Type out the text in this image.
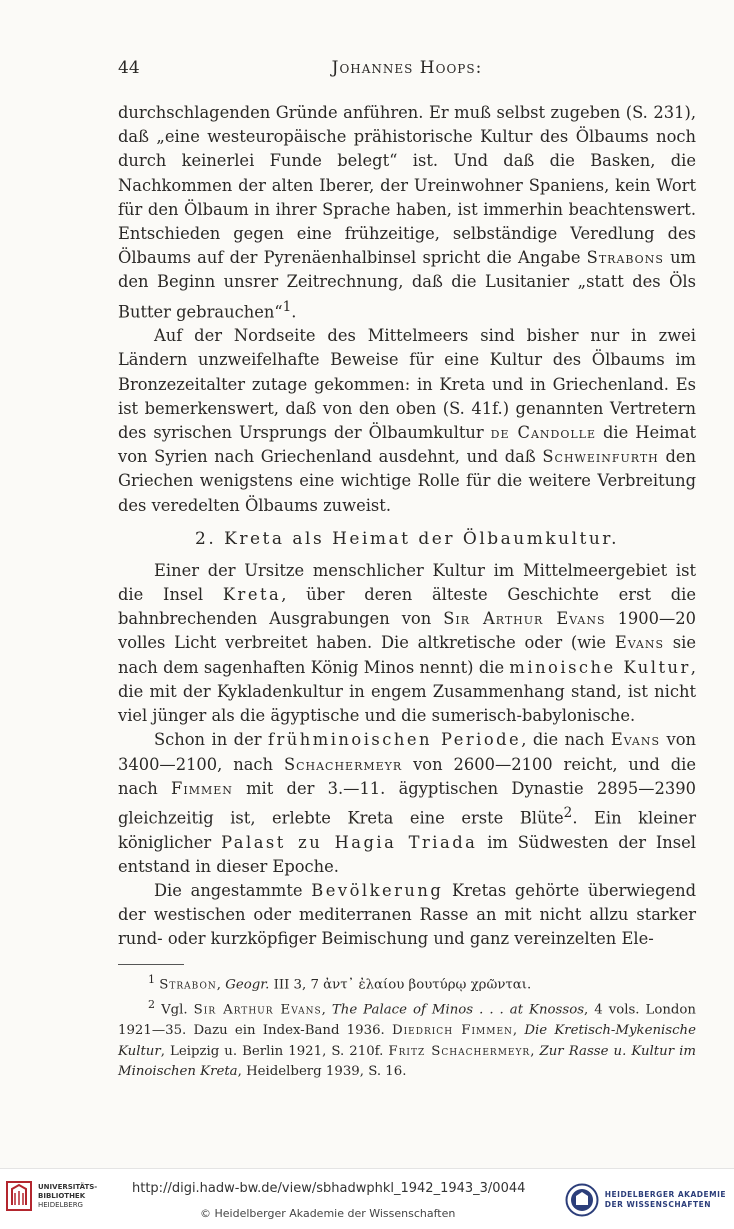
44	Johannes Hoops:

durchschlagenden Gründe anführen. Er muß selbst zugeben (S. 231), daß „eine westeuropäische prähistorische Kultur des Ölbaums noch durch keinerlei Funde belegt“ ist. Und daß die Basken, die Nachkommen der alten Iberer, der Ureinwohner Spaniens, kein Wort für den Ölbaum in ihrer Sprache haben, ist immerhin beachtenswert. Entschieden gegen eine frühzeitige, selbständige Veredlung des Ölbaums auf der Pyrenäenhalbinsel spricht die Angabe Strabons um den Beginn unsrer Zeitrechnung, daß die Lusitanier „statt des Öls Butter gebrauchen“$^1$.

Auf der Nordseite des Mittelmeers sind bisher nur in zwei Ländern unzweifelhafte Beweise für eine Kultur des Ölbaums im Bronzezeitalter zutage gekommen: in Kreta und in Griechenland. Es ist bemerkenswert, daß von den oben (S. 41f.) genannten Vertretern des syrischen Ursprungs der Ölbaumkultur de Candolle die Heimat von Syrien nach Griechenland ausdehnt, und daß Schweinfurth den Griechen wenigstens eine wichtige Rolle für die weitere Verbreitung des veredelten Ölbaums zuweist.

2. Kreta als Heimat der Ölbaumkultur.

Einer der Ursitze menschlicher Kultur im Mittelmeergebiet ist die Insel Kreta, über deren älteste Geschichte erst die bahnbrechenden Ausgrabungen von Sir Arthur Evans 1900—20 volles Licht verbreitet haben. Die altkretische oder (wie Evans sie nach dem sagenhaften König Minos nennt) die minoische Kultur, die mit der Kykladenkultur in engem Zusammenhang stand, ist nicht viel jünger als die ägyptische und die sumerisch-babylonische.

Schon in der frühminoischen Periode, die nach Evans von 3400—2100, nach Schachermeyr von 2600—2100 reicht, und die nach Fimmen mit der 3.—11. ägyptischen Dynastie 2895—2390 gleichzeitig ist, erlebte Kreta eine erste Blüte$^2$. Ein kleiner königlicher Palast zu Hagia Triada im Südwesten der Insel entstand in dieser Epoche.

Die angestammte Bevölkerung Kretas gehörte überwiegend der westischen oder mediterranen Rasse an mit nicht allzu starker rund- oder kurzköpfiger Beimischung und ganz vereinzelten Ele-

$^1$ Strabon, Geogr. III 3, 7 ἀντ᾽ ἐλαίου βουτύρῳ χρῶνται.

$^2$ Vgl. Sir Arthur Evans, The Palace of Minos . . . at Knossos, 4 vols. London 1921—35. Dazu ein Index-Band 1936. Diedrich Fimmen, Die Kretisch-Mykenische Kultur, Leipzig u. Berlin 1921, S. 210f. Fritz Schachermeyr, Zur Rasse u. Kultur im Minoischen Kreta, Heidelberg 1939, S. 16.

UNIVERSITÄTS-
BIBLIOTHEK
HEIDELBERG
http://digi.hadw-bw.de/view/sbhadwphkl_1942_1943_3/0044
© Heidelberger Akademie der Wissenschaften
HEIDELBERGER AKADEMIE
DER WISSENSCHAFTEN
